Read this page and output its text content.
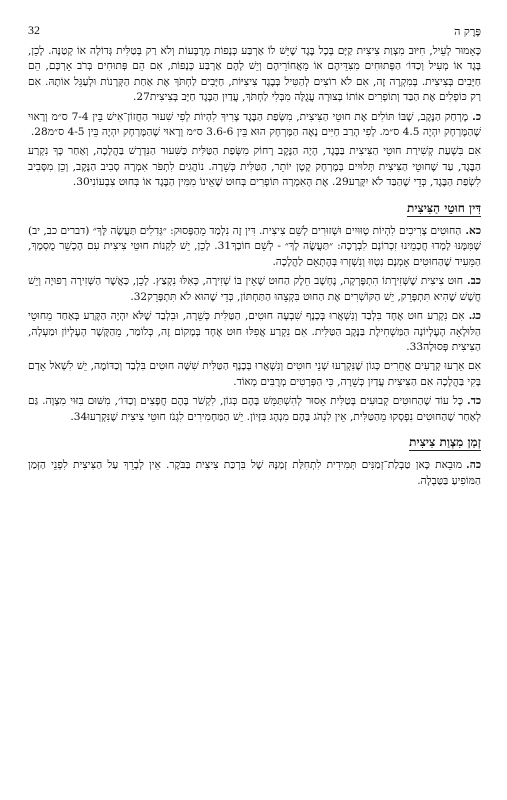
פֶּרֶק ה
32

כָּאָמוּר לְעֵיל, חִיּוּב מִצְוַת צִיצִית קַיָּם בְּכָל בֶּגֶד שֶׁיֵּשׁ לוֹ אַרְבַּע כְּנָפוֹת מְרֻבָּעוֹת וְלֹא רַק בְּטַלִּית גְּדוֹלָה אוֹ קְטַנָּה. לָכֵן, בֶּגֶד אוֹ מְעִיל וְכַדּוֹ׳ הַפְּתוּחִים מִצִּדֵּיהֶם אוֹ מֵאֲחוֹרֵיהֶם וְיֵשׁ לָהֶם אַרְבַּע כְּנָפוֹת, אִם הֵם פְּתוּחִים בְּרֹב אָרְכָּם, הֵם חַיָּבִים בְּצִיצִית. בְּמִקְרֶה זֶה, אִם לֹא רוֹצִים לְהַטִּיל בְּבֶגֶד צִיצִיּוֹת, חַיָּבִים לַחְתֹּךְ אֶת אַחַת הַקְּרָנוֹת וּלְעַגֵּל אוֹתָהּ. אִם רַק כּוֹפְלִים אֶת הַבַּד וְתוֹפְרִים אוֹתוֹ בְּצוּרָה עֲגֻלָּה מִבְּלִי לַחְתֹּךְ, עֲדַיִן הַבֶּגֶד חַיָּב בְּצִיצִית27.

כ.מֶרְחַק הַנֶּקֶב, שֶׁבּוֹ תּוֹלִים אֶת חוּטֵי הַצִּיצִית, מִשְּׂפַת הַבֶּגֶד צָרִיךְ לִהְיוֹת לְפִי שִׁעוּר הַחֲזוֹן־אִישׁ בֵּין 7-4 ס״מ וְרָאוּי שֶׁהַמֶּרְחָק יִהְיֶה 4.5 ס״מ. לְפִי הָרַב חַיִּים נָאֶה הַמֶּרְחָק הוּא בֵּין 3.6-6 ס״מ וְרָאוּי שֶׁהַמֶּרְחָק יִהְיֶה בֵּין 4-5 ס״מ28.

אִם בִּשְׁעַת קְשִׁירַת חוּטֵי הַצִּיצִית בַּבֶּגֶד, הָיָה הַנֶּקֶב רָחוֹק מִשְּׂפַת הַטַּלִּית כַּשִּׁעוּר הַנִּדְרָשׁ בַּהֲלָכָה, וְאַחַר כָּךְ נִקְרַע הַבֶּגֶד, עַד שֶׁחוּטֵי הַצִּיצִית תְּלוּיִים בְּמֶרְחָק קָטָן יוֹתֵר, הַטַּלִּית כְּשֵׁרָה. נוֹהֲגִים לִתְפֹּר אִמְרָה סְבִיב הַנֶּקֶב, וְכֵן מִסָּבִיב לִשְׂפַת הַבֶּגֶד, כְּדֵי שֶׁהַבַּד לֹא יִקָּרַע29. אֶת הָאִמְרָה תּוֹפְרִים בְּחוּט שֶׁאֵינוֹ מִמִּין הַבֶּגֶד אוֹ בְּחוּט צִבְעוֹנִי30.

דִּין חוּטֵי הַצִּיצִית

כא.הַחוּטִים צְרִיכִים לִהְיוֹת טְוּוּיִים וּשְׁזוּרִים לְשֵׁם צִיצִית. דִּין זֶה נִלְמַד מֵהַפָּסוּק: ״גְּדִלִים תַּעֲשֶׂה לָּךְ״ (דברים כב, יב) שֶׁמִּמֶּנּוּ לָמְדוּ חֲכָמֵינוּ זִכְרוֹנָם לִבְרָכָה: ״תַּעֲשֶׂה לָךְ״ - לְשֵׁם חוֹבָךְ31. לָכֵן, יֵשׁ לִקְנוֹת חוּטֵי צִיצִית עִם הֶכְשֵׁר מֻסְמָךְ, הַמֵּעִיד שֶׁהַחוּטִים אָמְנָם נִטְווּ וְנִשְׁזְרוּ בְּהֶתְאֵם לַהֲלָכָה.

כב.חוּט צִיצִית שֶׁשְּׁזִירָתוֹ הִתְפָּרְקָה, נֶחְשָׁב חֵלֶק הַחוּט שֶׁאֵין בּוֹ שְׁזִירָה, כְּאִלּוּ נִקְצַץ. לָכֵן, כַּאֲשֶׁר הַשְּׁזִירָה רְפוּיָה וְיֵשׁ חֲשָׁשׁ שֶׁהִיא תִּתְפָּרֵק, יֵשׁ הַקּוֹשְׁרִים אֶת הַחוּט בִּקְצֵהוּ הַתַּחְתּוֹן, כְּדֵי שֶׁהוּא לֹא תִּתְפָּרֵק32.

כג.אִם נִקְרַע חוּט אֶחָד בִּלְבַד וְנִשְׁאֲרוּ בְּכָנָף שִׁבְעָה חוּטִים, הַטַּלִּית כְּשֵׁרָה, וּבִלְבַד שֶׁלֹּא יִהְיֶה הַקֶּרַע בְּאַחַד מֵחוּטֵי הַלּוּלָאָה הָעֶלְיוֹנָה הַמַּשְׁחִילֶת בַּנֶּקֶב הַטַּלִּית. אִם נִקְרַע אֲפִלּוּ חוּט אֶחָד בְּמָקוֹם זֶה, כְּלוֹמַר, מֵהַקֶּשֶׁר הָעֶלְיוֹן וּמַעְלָה, הַצִּיצִית פְּסוּלָה33.

אִם אֵרְעוּ קְרָעִים אֲחֵרִים כְּגוֹן שֶׁנִּקְרְעוּ שְׁנֵי חוּטִים וְנִשְׁאֲרוּ בְּכָנָף הַטַּלִּית שִׁשָּׁה חוּטִים בִּלְבַד וְכַדּוֹמֶה, יֵשׁ לִשְׁאֹל אָדָם בָּקִי בַּהֲלָכָה אִם הַצִּיצִית עֲדַיִן כְּשֵׁרָה, כִּי הַפְּרָטִים מְרֻבִּים מְאוֹד.

כד.כָּל עוֹד שֶׁהַחוּטִים קְבוּעִים בְּטַלִּית אָסוּר לְהִשְׁתַּמֵּשׁ בָּהֶם כְּגוֹן, לִקְשֹׁר בָּהֶם חֲפָצִים וְכַדּוֹ׳, מִשּׁוּם בִּזּוּי מִצְוָה. גַּם לְאַחַר שֶׁהַחוּטִים נִפְסְקוּ מֵהַטַּלִּית, אֵין לִנְהֹג בָּהֶם מִנְהָג בִּזָּיוֹן. יֵשׁ הַמַּחְמִירִים לִגְנֹז חוּטֵי צִיצִית שֶׁנִּקְרְעוּ34.

זְמַן מִצְוַת צִיצִית

כה.מוּבֵאת כָּאן טַבְלַת־זְמַנִּים תְּמִידִית לִתְחִלַּת זְמַנָּהּ שֶׁל בִּרְכַּת צִיצִית בַּבֹּקֶר. אֵין לְבָרֵךְ עַל הַצִּיצִית לִפְנֵי הַזְּמַן הַמּוֹפִיעַ בַּטַּבְלָה.
